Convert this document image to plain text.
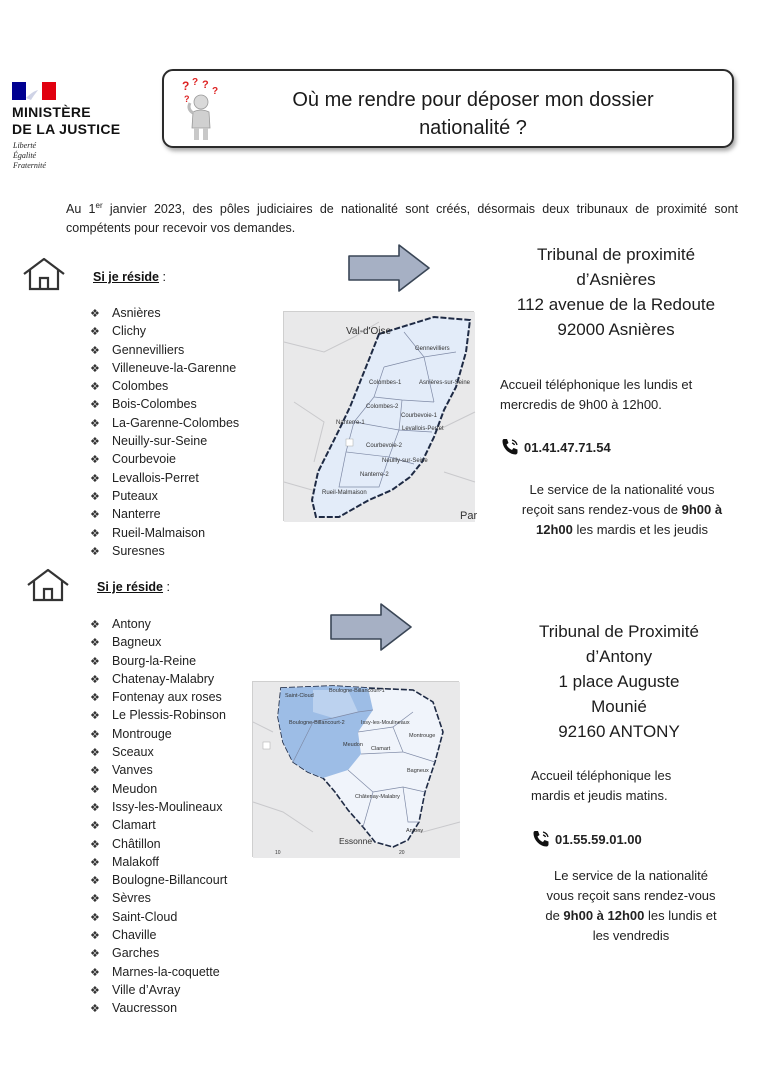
MINISTÈRE
DE LA JUSTICE
Liberté
Égalité
Fraternité
? ? ?
?
?	Où me rendre pour déposer mon dossier
nationalité ?

Au 1er janvier 2023, des pôles judiciaires de nationalité sont créés, désormais deux tribunaux de proximité sont compétents pour recevoir vos demandes.

Si je réside :
❖ Asnières
❖ Clichy
❖ Gennevilliers
❖ Villeneuve-la-Garenne
❖ Colombes
❖ Bois-Colombes
❖ La-Garenne-Colombes
❖ Neuilly-sur-Seine
❖ Courbevoie
❖ Levallois-Perret
❖ Puteaux
❖ Nanterre
❖ Rueil-Malmaison
❖ Suresnes
Val-d'Oise
Gennevilliers
Colombes-1	Asnières-sur-Seine
Colombes-2
Courbevoie-1
Levallois-Perret
Nanterre-1
Courbevoie-2
Neuilly-sur-Seine
Nanterre-2
Rueil-Malmaison
Par
Tribunal de proximité
d’Asnières
112 avenue de la Redoute
92000 Asnières
Accueil téléphonique les lundis et
mercredis de 9h00 à 12h00.
01.41.47.71.54
Le service de la nationalité vous
reçoit sans rendez-vous de 9h00 à
12h00 les mardis et les jeudis
Si je réside :
❖ Antony
❖ Bagneux
❖ Bourg-la-Reine
❖ Chatenay-Malabry
❖ Fontenay aux roses
❖ Le Plessis-Robinson
❖ Montrouge
❖ Sceaux
❖ Vanves
❖ Meudon
❖ Issy-les-Moulineaux
❖ Clamart
❖ Châtillon
❖ Malakoff
❖ Boulogne-Billancourt
❖ Sèvres
❖ Saint-Cloud
❖ Chaville
❖ Garches
❖ Marnes-la-coquette
❖ Ville d’Avray
❖ Vaucresson
Saint-Cloud
Boulogne-Billancourt-1
Boulogne-Billancourt-2	Issy-les-Moulineaux
Meudon
Clamart
Montrouge
Bagneux
Châtenay-Malabry
Antony
Essonne
10	20
Tribunal de Proximité
d’Antony
1 place Auguste
Mounié
92160 ANTONY
Accueil téléphonique les
mardis et jeudis matins.
01.55.59.01.00
Le service de la nationalité
vous reçoit sans rendez-vous
de 9h00 à 12h00 les lundis et
les vendredis
